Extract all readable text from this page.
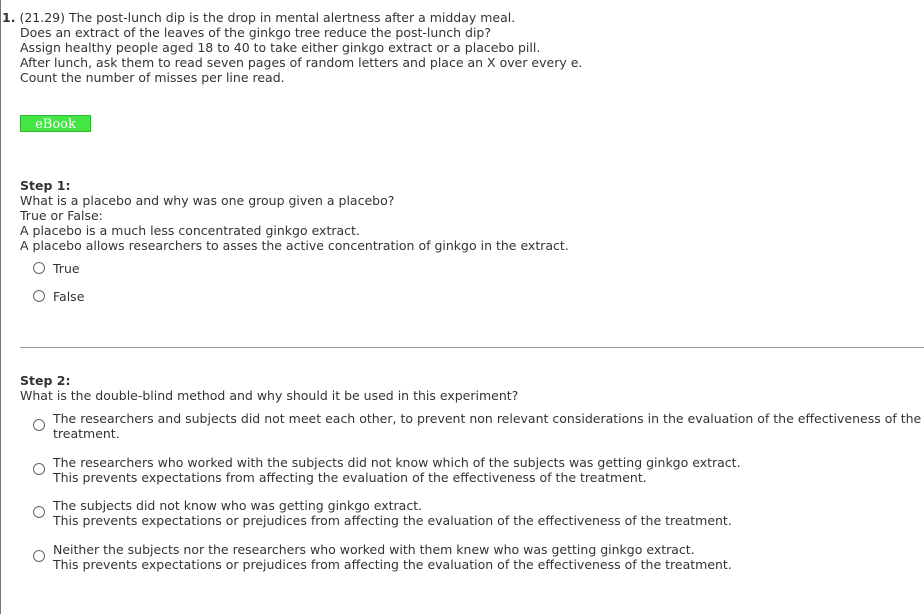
1. (21.29) The post-lunch dip is the drop in mental alertness after a midday meal.
Does an extract of the leaves of the ginkgo tree reduce the post-lunch dip?
Assign healthy people aged 18 to 40 to take either ginkgo extract or a placebo pill.
After lunch, ask them to read seven pages of random letters and place an X over every e.
Count the number of misses per line read.
eBook
Step 1:
What is a placebo and why was one group given a placebo?
True or False:
A placebo is a much less concentrated ginkgo extract.
A placebo allows researchers to asses the active concentration of ginkgo in the extract.
True
False
Step 2:
What is the double-blind method and why should it be used in this experiment?
The researchers and subjects did not meet each other, to prevent non relevant considerations in the evaluation of the effectiveness of the
treatment.
The researchers who worked with the subjects did not know which of the subjects was getting ginkgo extract.
This prevents expectations from affecting the evaluation of the effectiveness of the treatment.
The subjects did not know who was getting ginkgo extract.
This prevents expectations or prejudices from affecting the evaluation of the effectiveness of the treatment.
Neither the subjects nor the researchers who worked with them knew who was getting ginkgo extract.
This prevents expectations or prejudices from affecting the evaluation of the effectiveness of the treatment.
